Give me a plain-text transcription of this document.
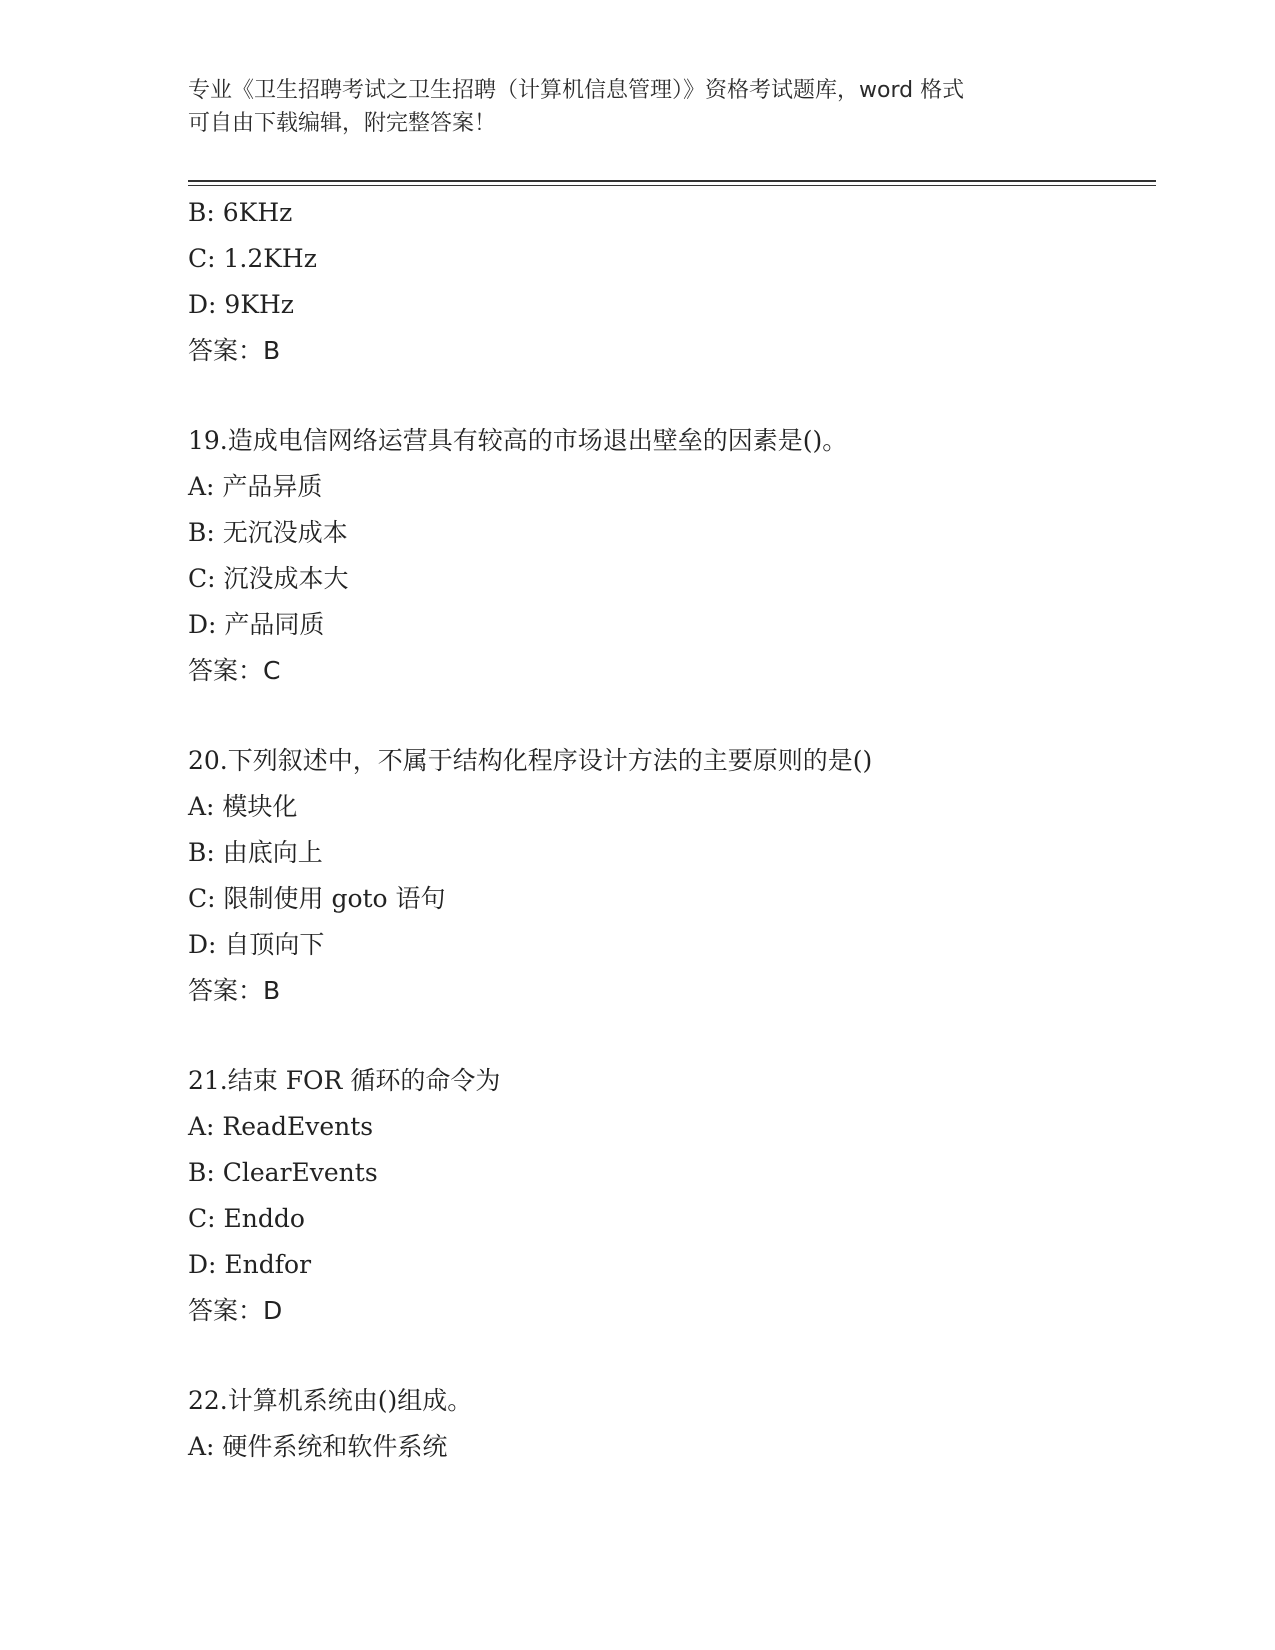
专业《卫生招聘考试之卫生招聘（计算机信息管理）》资格考试题库，word 格式
可自由下载编辑，附完整答案！
B: 6KHz
C: 1.2KHz
D: 9KHz
答案：B
19.造成电信网络运营具有较高的市场退出壁垒的因素是()。
A: 产品异质
B: 无沉没成本
C: 沉没成本大
D: 产品同质
答案：C
20.下列叙述中，不属于结构化程序设计方法的主要原则的是()
A: 模块化
B: 由底向上
C: 限制使用 goto 语句
D: 自顶向下
答案：B
21.结束 FOR 循环的命令为
A: ReadEvents
B: ClearEvents
C: Enddo
D: Endfor
答案：D
22.计算机系统由()组成。
A: 硬件系统和软件系统
